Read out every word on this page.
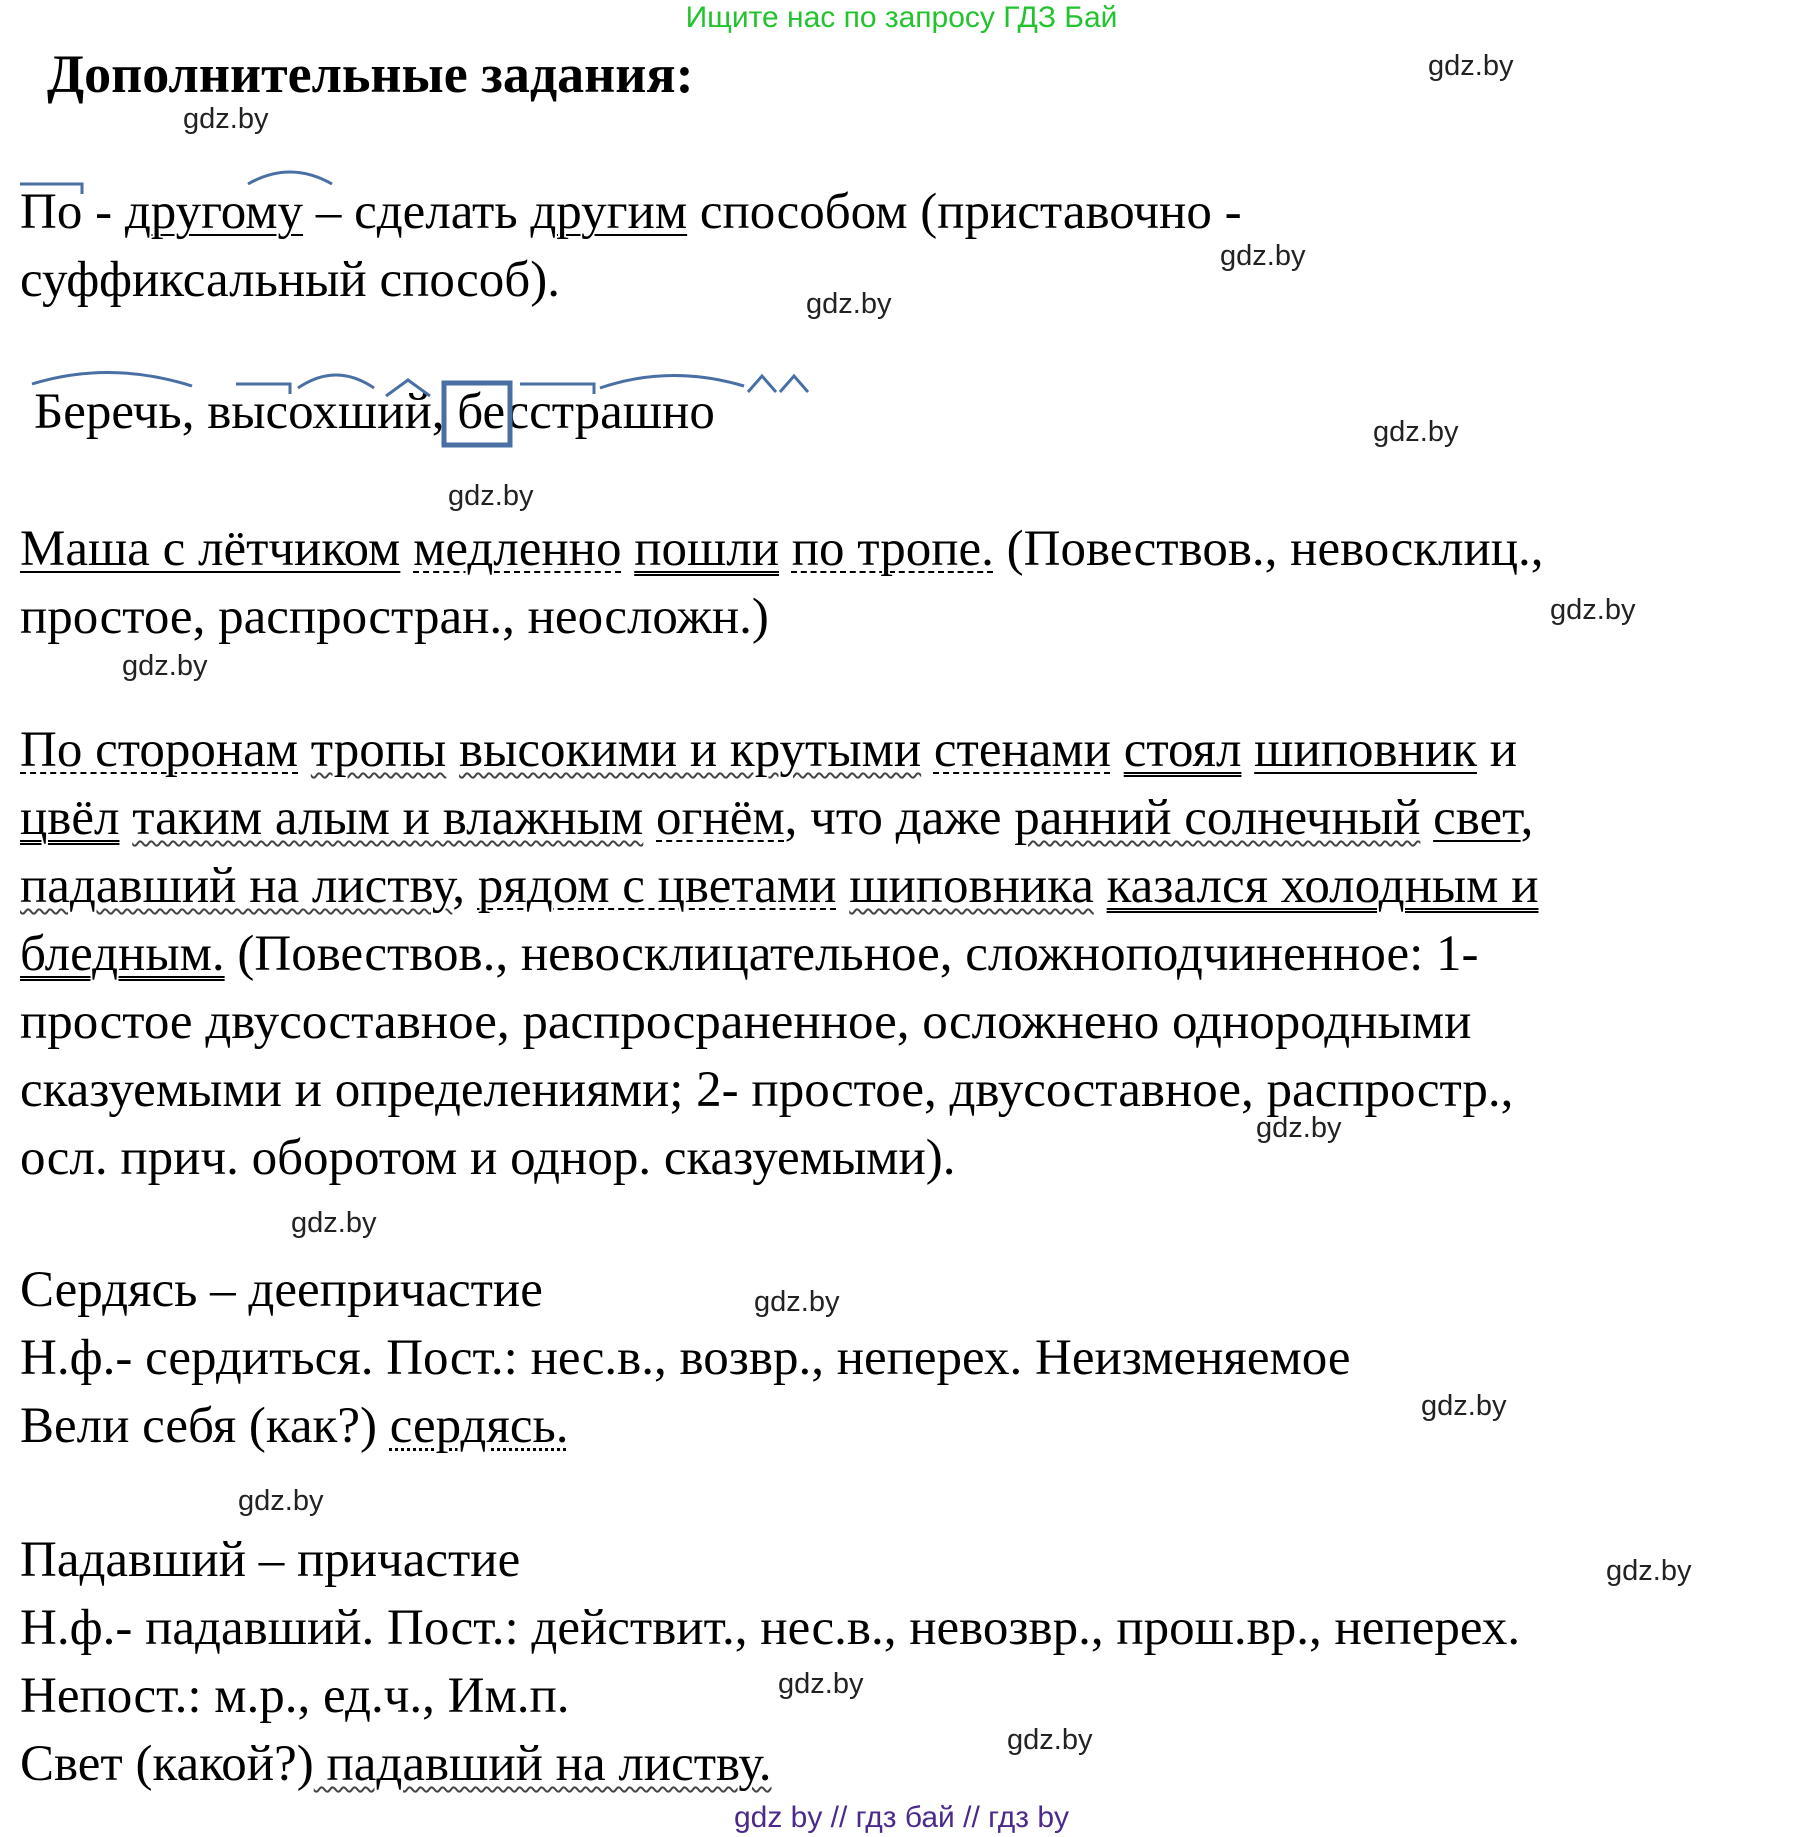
Ищите нас по запросу ГДЗ Бай
Дополнительные задания:	gdz.by
gdz.by
gdz.by
gdz.by
gdz.by
gdz.by
gdz.by
gdz.by
gdz.by
gdz.by
gdz.by
gdz.by
gdz.by
gdz.by
gdz.by
gdz.by
По - другому – сделать другим способом (приставочно -
суффиксальный способ).
Беречь, высохший, бесстрашно
Маша с лётчиком медленно пошли по тропе. (Повествов., невосклиц.,
простое, распростран., неосложн.)
По сторонам тропы высокими и крутыми стенами стоял шиповник и
цвёл таким алым и влажным огнём, что даже ранний солнечный свет,
падавший на листву, рядом с цветами шиповника казался холодным и
бледным. (Повествов., невосклицательное, сложноподчиненное: 1-
простое двусоставное, распросраненное, осложнено однородными
сказуемыми и определениями; 2- простое, двусоставное, распростр.,
осл. прич. оборотом и однор. сказуемыми).
Сердясь – деепричастие
Н.ф.- сердиться. Пост.: нес.в., возвр., неперех. Неизменяемое
Вели себя (как?) сердясь.
Падавший – причастие
Н.ф.- падавший. Пост.: действит., нес.в., невозвр., прош.вр., неперех.
Непост.: м.р., ед.ч., Им.п.
Свет (какой?) падавший на листву.
gdz by // гдз бай // гдз by
